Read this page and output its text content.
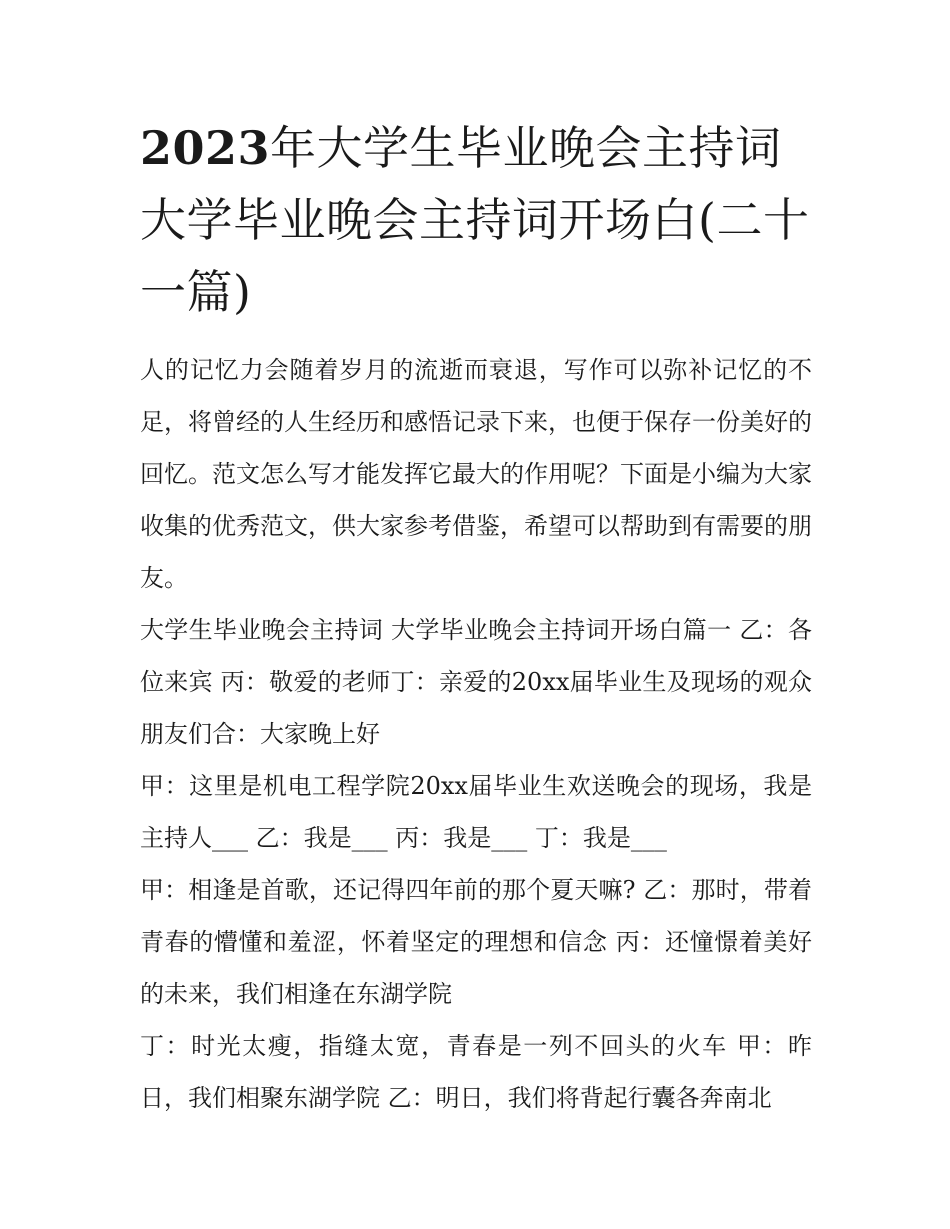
2023年大学生毕业晚会主持词 大学毕业晚会主持词开场白(二十一篇)

人的记忆力会随着岁月的流逝而衰退，写作可以弥补记忆的不足，将曾经的人生经历和感悟记录下来，也便于保存一份美好的回忆。范文怎么写才能发挥它最大的作用呢？下面是小编为大家收集的优秀范文，供大家参考借鉴，希望可以帮助到有需要的朋友。

大学生毕业晚会主持词 大学毕业晚会主持词开场白篇一 乙：各位来宾 丙：敬爱的老师丁：亲爱的20xx届毕业生及现场的观众朋友们合：大家晚上好

甲：这里是机电工程学院20xx届毕业生欢送晚会的现场，我是主持人___ 乙：我是___ 丙：我是___ 丁：我是___

甲：相逢是首歌，还记得四年前的那个夏天嘛? 乙：那时，带着青春的懵懂和羞涩，怀着坚定的理想和信念 丙：还憧憬着美好的未来，我们相逢在东湖学院

丁：时光太瘦，指缝太宽，青春是一列不回头的火车 甲：昨日，我们相聚东湖学院 乙：明日，我们将背起行囊各奔南北
